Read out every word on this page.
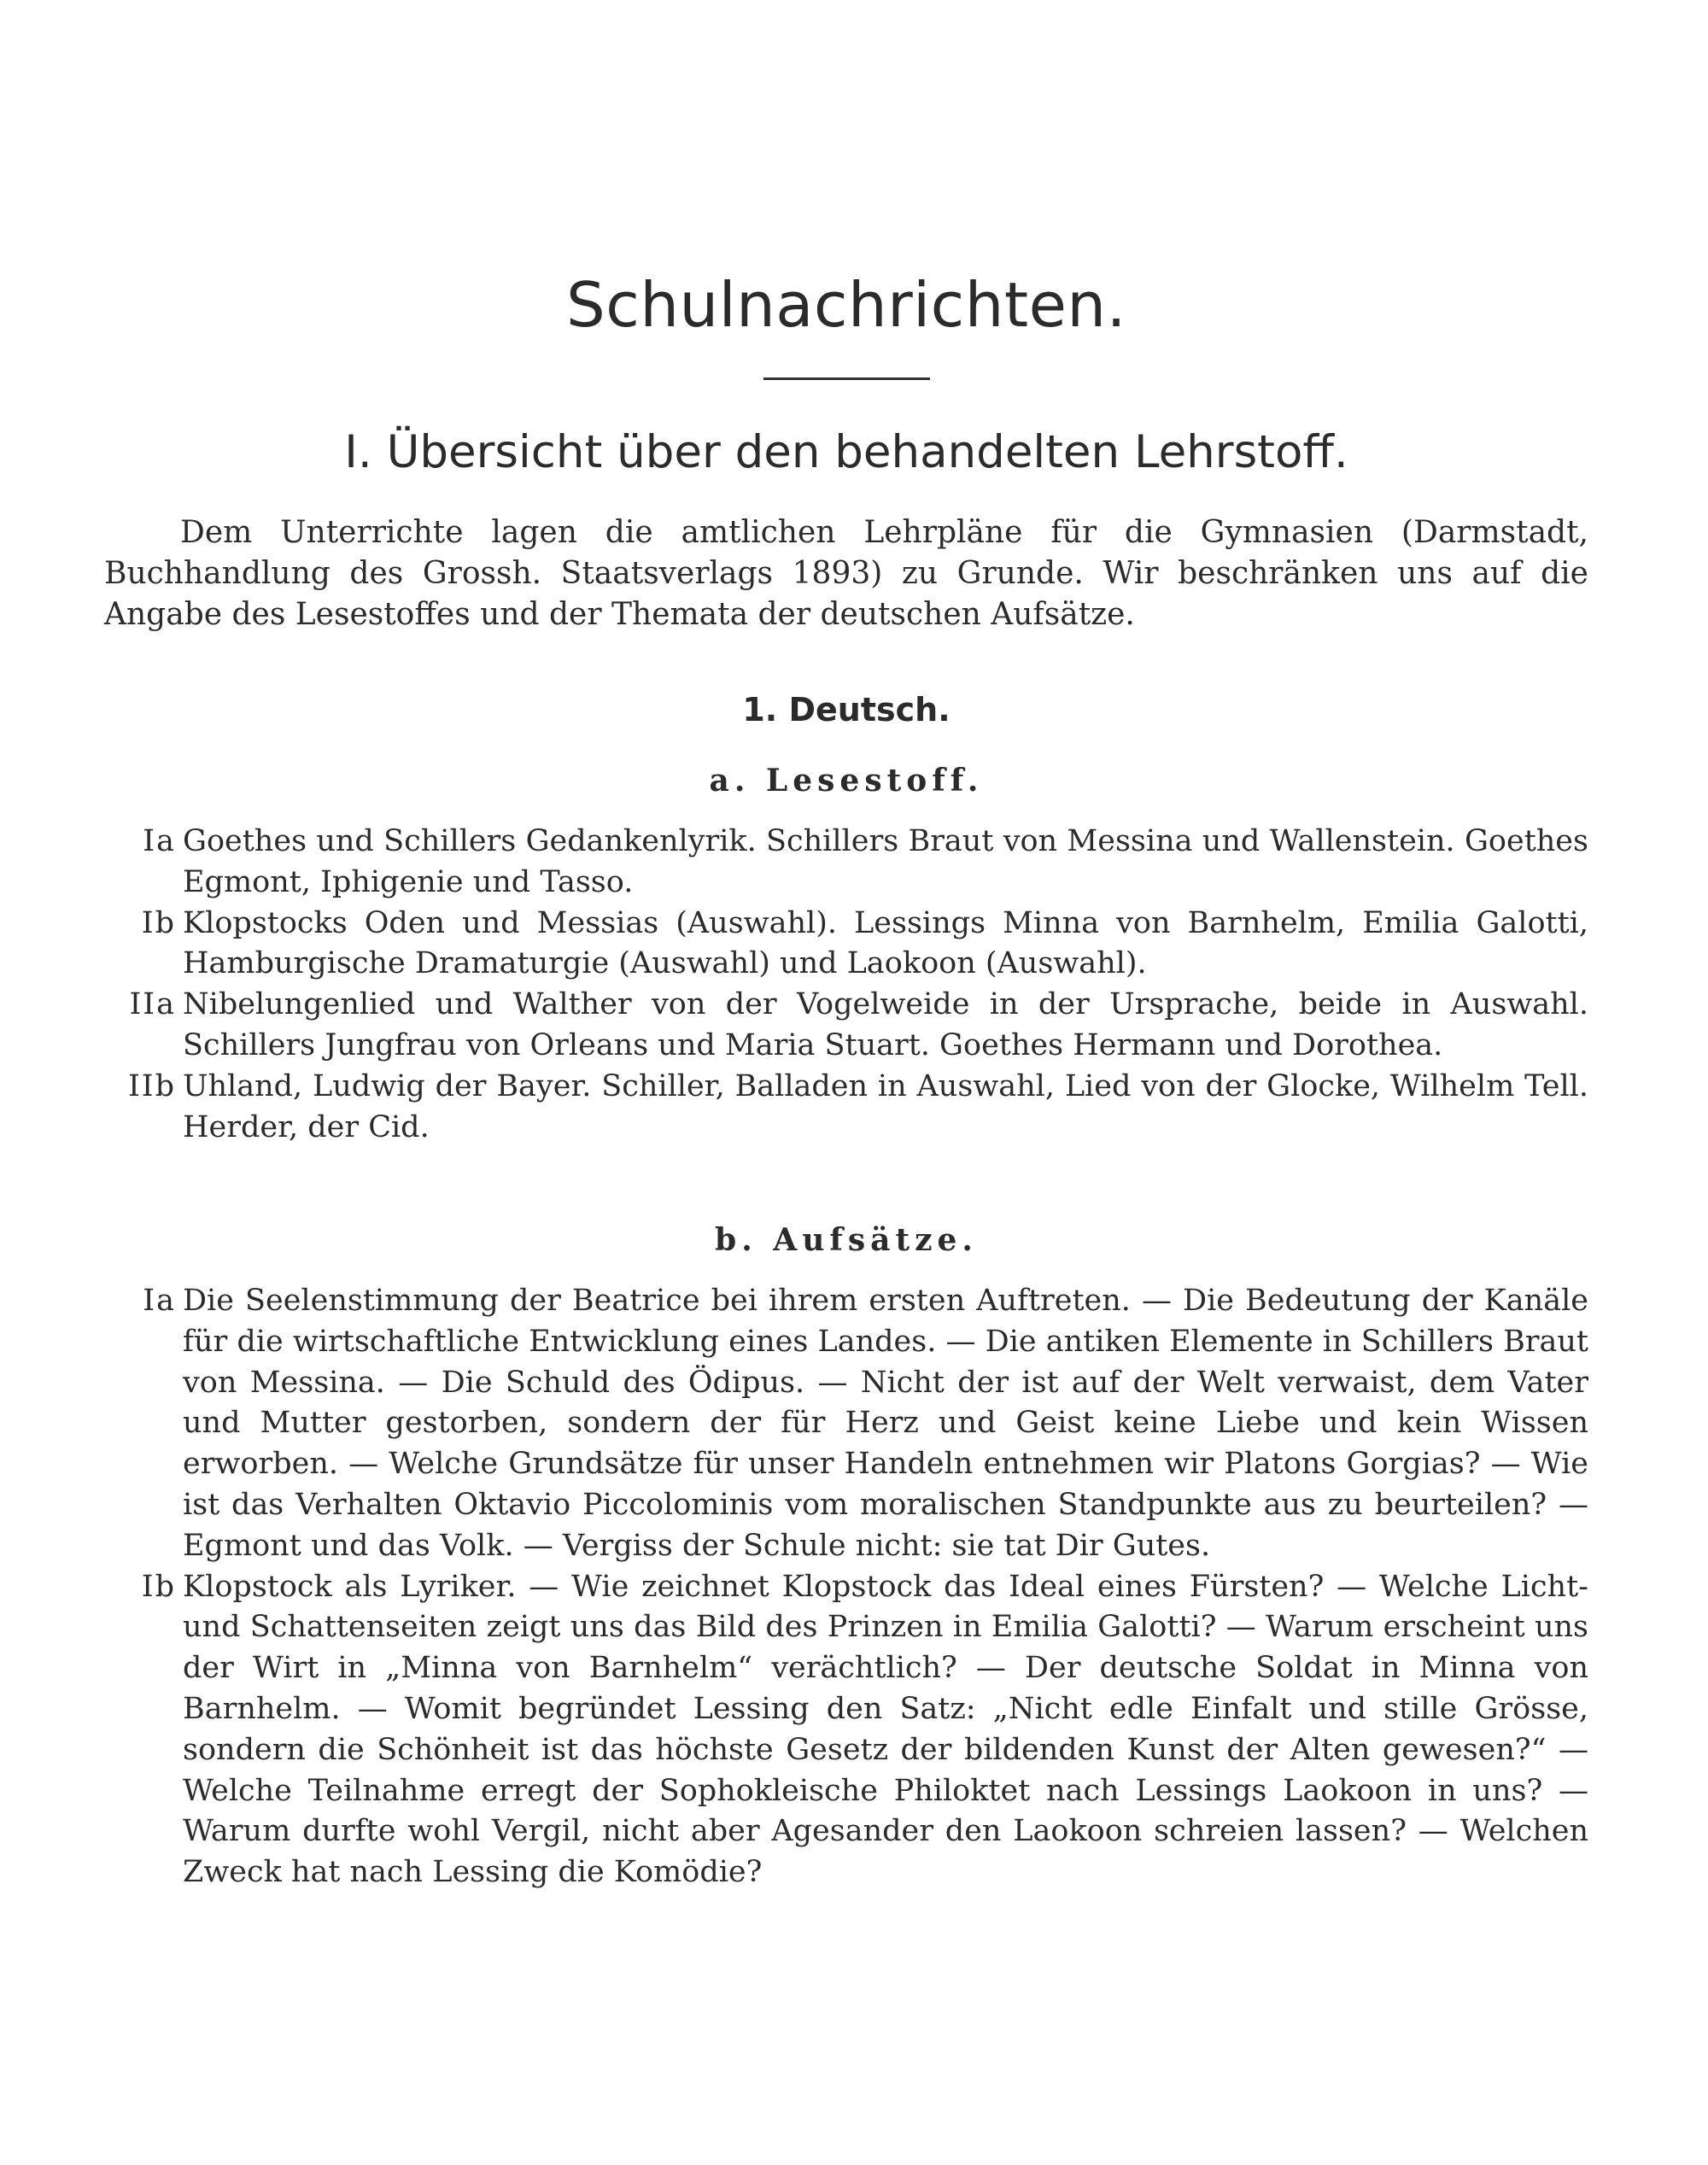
Schulnachrichten.
I. Übersicht über den behandelten Lehrstoff.

Dem Unterrichte lagen die amtlichen Lehrpläne für die Gymnasien (Darmstadt, Buchhandlung des Grossh. Staatsverlags 1893) zu Grunde. Wir beschränken uns auf die Angabe des Lesestoffes und der Themata der deutschen Aufsätze.

1. Deutsch.
a. Lesestoff.
Ia Goethes und Schillers Gedankenlyrik. Schillers Braut von Messina und Wallenstein. Goethes Egmont, Iphigenie und Tasso.
Ib Klopstocks Oden und Messias (Auswahl). Lessings Minna von Barnhelm, Emilia Galotti, Hamburgische Dramaturgie (Auswahl) und Laokoon (Auswahl).
IIa Nibelungenlied und Walther von der Vogelweide in der Ursprache, beide in Auswahl. Schillers Jungfrau von Orleans und Maria Stuart. Goethes Hermann und Dorothea.
IIb Uhland, Ludwig der Bayer. Schiller, Balladen in Auswahl, Lied von der Glocke, Wilhelm Tell. Herder, der Cid.
b. Aufsätze.
Ia Die Seelenstimmung der Beatrice bei ihrem ersten Auftreten. — Die Bedeutung der Kanäle für die wirtschaftliche Entwicklung eines Landes. — Die antiken Elemente in Schillers Braut von Messina. — Die Schuld des Ödipus. — Nicht der ist auf der Welt verwaist, dem Vater und Mutter gestorben, sondern der für Herz und Geist keine Liebe und kein Wissen erworben. — Welche Grundsätze für unser Handeln entnehmen wir Platons Gorgias? — Wie ist das Verhalten Oktavio Piccolominis vom moralischen Standpunkte aus zu beurteilen? — Egmont und das Volk. — Vergiss der Schule nicht: sie tat Dir Gutes.
Ib Klopstock als Lyriker. — Wie zeichnet Klopstock das Ideal eines Fürsten? — Welche Licht- und Schattenseiten zeigt uns das Bild des Prinzen in Emilia Galotti? — Warum erscheint uns der Wirt in „Minna von Barnhelm“ verächtlich? — Der deutsche Soldat in Minna von Barnhelm. — Womit begründet Lessing den Satz: „Nicht edle Einfalt und stille Grösse, sondern die Schönheit ist das höchste Gesetz der bildenden Kunst der Alten gewesen?“ — Welche Teilnahme erregt der Sophokleische Philoktet nach Lessings Laokoon in uns? — Warum durfte wohl Vergil, nicht aber Agesander den Laokoon schreien lassen? — Welchen Zweck hat nach Lessing die Komödie?
